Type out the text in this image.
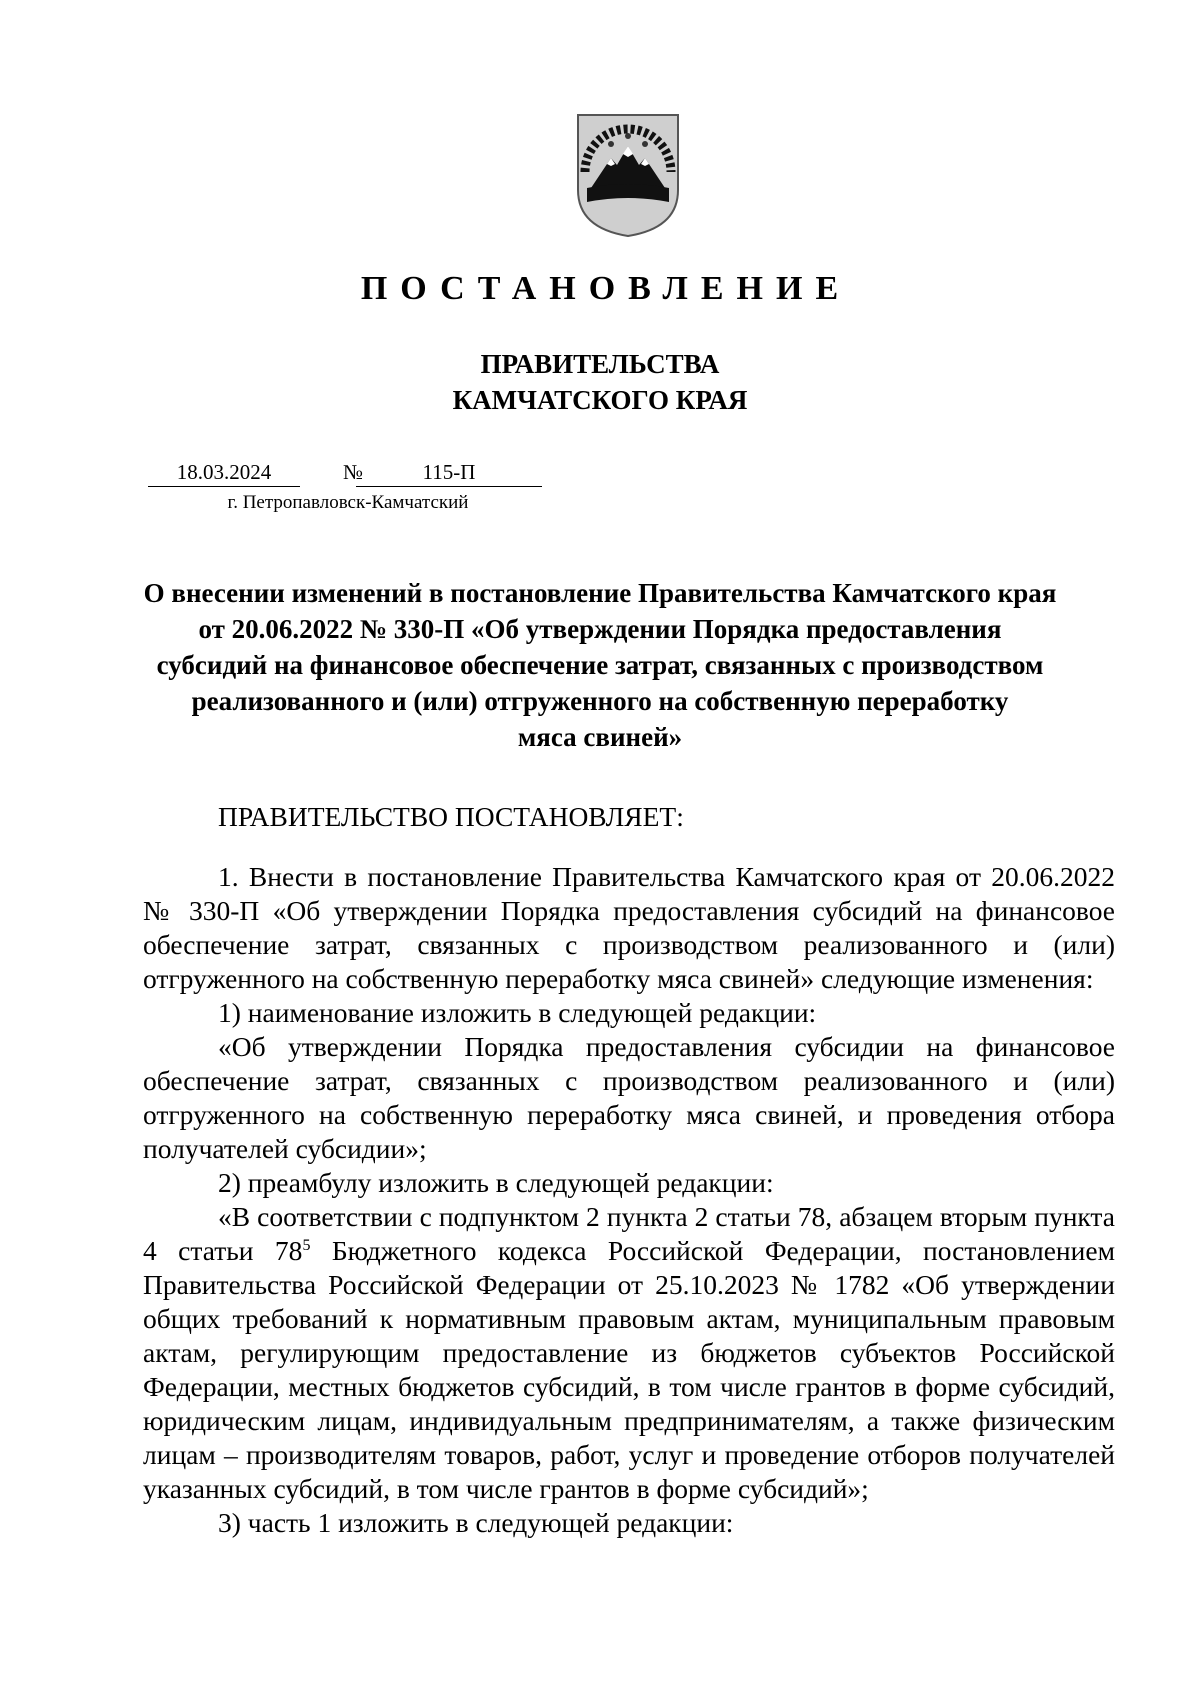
ПОСТАНОВЛЕНИЕ
ПРАВИТЕЛЬСТВА
КАМЧАТСКОГО КРАЯ
18.03.2024	№	115-П
г. Петропавловск-Камчатский
О внесении изменений в постановление Правительства Камчатского края
от 20.06.2022 № 330-П «Об утверждении Порядка предоставления
субсидий на финансовое обеспечение затрат, связанных с производством
реализованного и (или) отгруженного на собственную переработку
мяса свиней»

ПРАВИТЕЛЬСТВО ПОСТАНОВЛЯЕТ:

1. Внести в постановление Правительства Камчатского края от 20.06.2022 № 330-П «Об утверждении Порядка предоставления субсидий на финансовое обеспечение затрат, связанных с производством реализованного и (или) отгруженного на собственную переработку мяса свиней» следующие изменения:

1) наименование изложить в следующей редакции:

«Об утверждении Порядка предоставления субсидии на финансовое обеспечение затрат, связанных с производством реализованного и (или) отгруженного на собственную переработку мяса свиней, и проведения отбора получателей субсидии»;

2) преамбулу изложить в следующей редакции:

«В соответствии с подпунктом 2 пункта 2 статьи 78, абзацем вторым пункта 4 статьи $78^5$ Бюджетного кодекса Российской Федерации, постановлением Правительства Российской Федерации от 25.10.2023 № 1782 «Об утверждении общих требований к нормативным правовым актам, муниципальным правовым актам, регулирующим предоставление из бюджетов субъектов Российской Федерации, местных бюджетов субсидий, в том числе грантов в форме субсидий, юридическим лицам, индивидуальным предпринимателям, а также физическим лицам – производителям товаров, работ, услуг и проведение отборов получателей указанных субсидий, в том числе грантов в форме субсидий»;

3) часть 1 изложить в следующей редакции:
